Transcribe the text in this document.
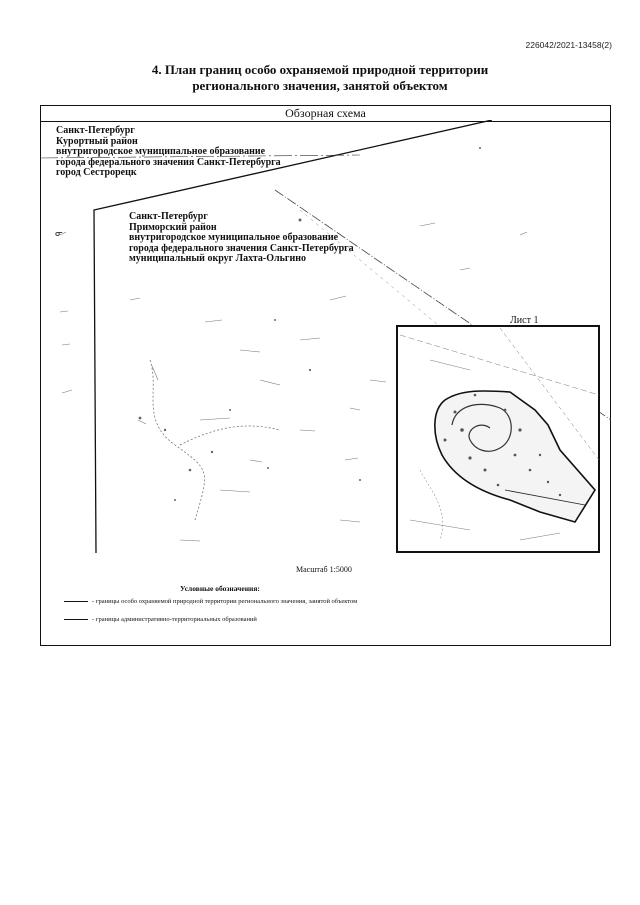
226042/2021-13458(2)
4. План границ особо охраняемой природной территории
регионального значения, занятой объектом
Обзорная схема
ᓂ
Санкт-Петербург
Курортный район
внутригородское муниципальное образование
города федерального значения Санкт-Петербурга
город Сестрорецк
Санкт-Петербург
Приморский район
внутригородское муниципальное образование
города федерального значения Санкт-Петербурга
муниципальный округ Лахта-Ольгино
Лист 1
Масштаб 1:5000
Условные обозначения:
- границы особо охраняемой природной территории регионального значения, занятой объектом
- границы административно-территориальных образований
